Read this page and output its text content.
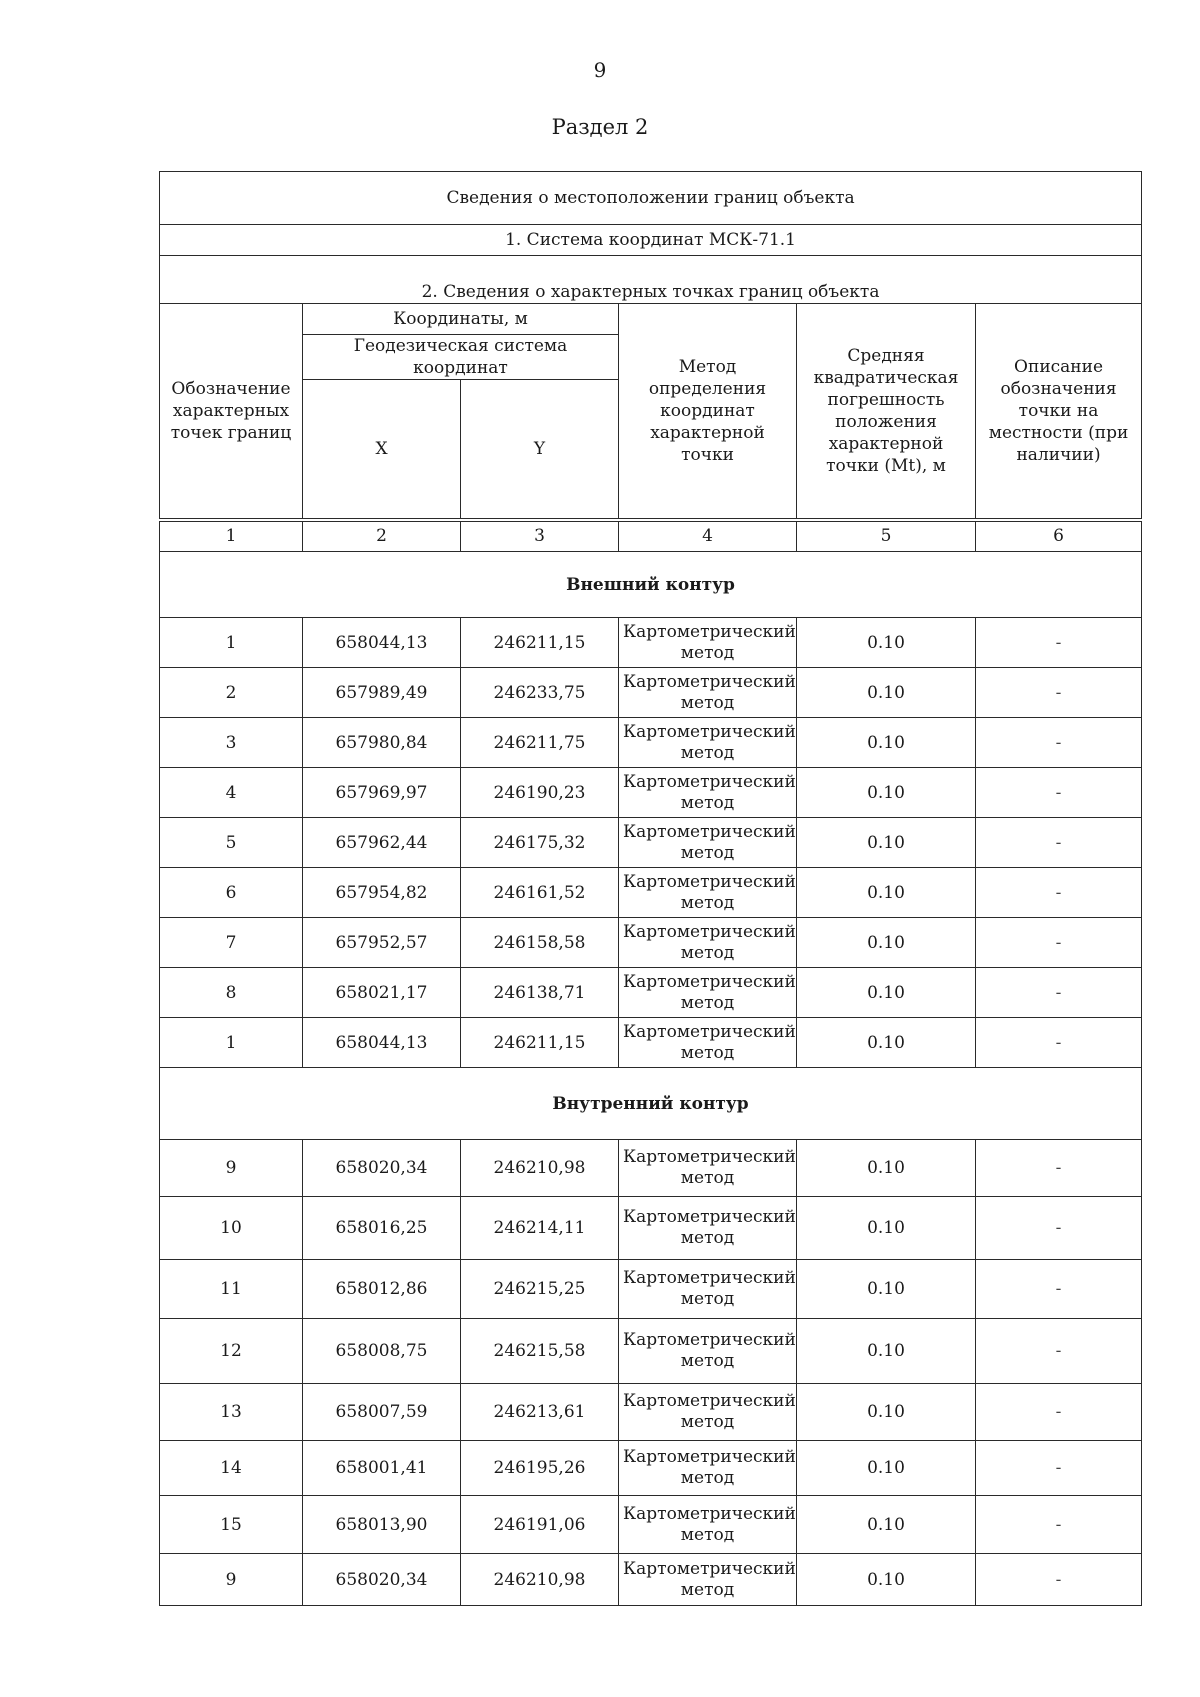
9
Раздел 2
Сведения о местоположении границ объекта					
1. Система координат МСК-71.1					
2. Сведения о характерных точках границ объекта					
Обозначение характерных точек границ	Координаты, м		Метод определения координат характерной точки	Средняя квадратическая погрешность положения характерной точки (Mt), м	Описание обозначения точки на местности (при наличии)
	Геодезическая система координат				
	X	Y			
1	2	3	4	5	6
Внешний контур					
1	658044,13	246211,15	Картометрический метод	0.10	-
2	657989,49	246233,75	Картометрический метод	0.10	-
3	657980,84	246211,75	Картометрический метод	0.10	-
4	657969,97	246190,23	Картометрический метод	0.10	-
5	657962,44	246175,32	Картометрический метод	0.10	-
6	657954,82	246161,52	Картометрический метод	0.10	-
7	657952,57	246158,58	Картометрический метод	0.10	-
8	658021,17	246138,71	Картометрический метод	0.10	-
1	658044,13	246211,15	Картометрический метод	0.10	-
Внутренний контур					
9	658020,34	246210,98	Картометрический метод	0.10	-
10	658016,25	246214,11	Картометрический метод	0.10	-
11	658012,86	246215,25	Картометрический метод	0.10	-
12	658008,75	246215,58	Картометрический метод	0.10	-
13	658007,59	246213,61	Картометрический метод	0.10	-
14	658001,41	246195,26	Картометрический метод	0.10	-
15	658013,90	246191,06	Картометрический метод	0.10	-
9	658020,34	246210,98	Картометрический метод	0.10	-
